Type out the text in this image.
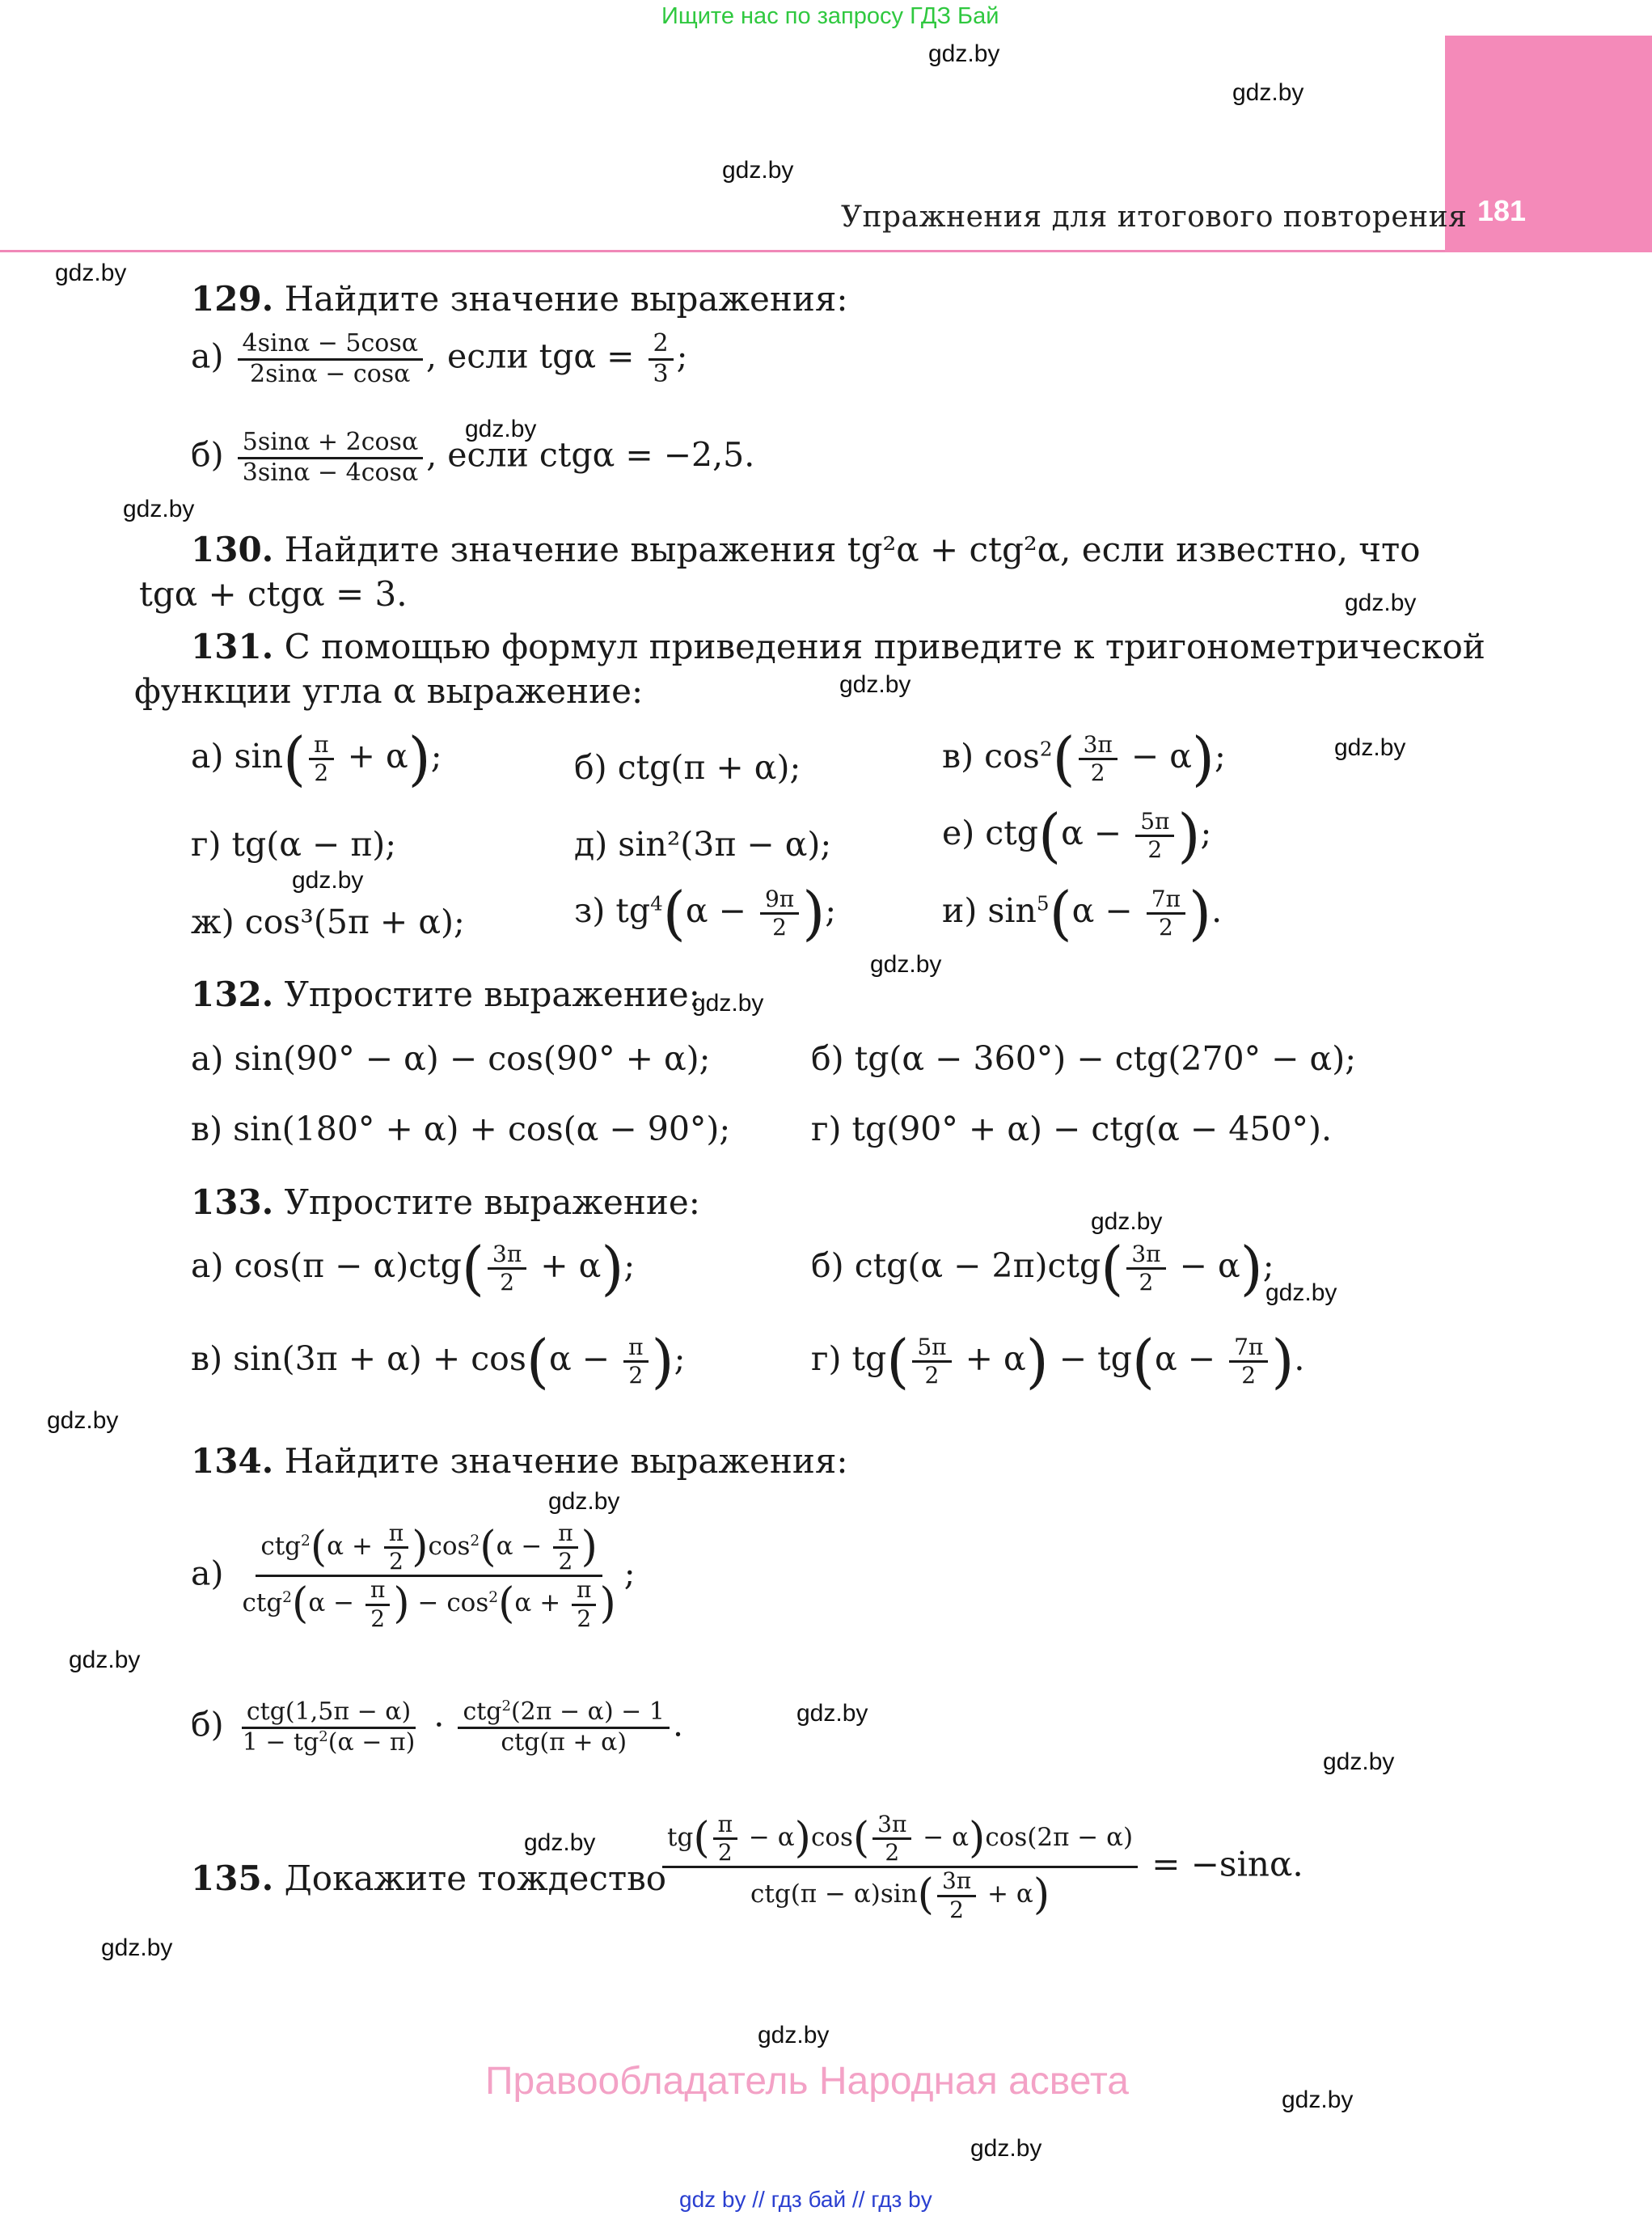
Ищите нас по запросу ГДЗ Бай
181
Упражнения для итогового повторения
gdz.by
gdz.by
gdz.by
gdz.by
gdz.by
gdz.by
gdz.by
gdz.by
gdz.by
gdz.by
gdz.by
gdz.by
gdz.by
gdz.by
gdz.by
gdz.by
gdz.by
gdz.by
gdz.by
gdz.by
gdz.by
gdz.by
gdz.by
gdz.by
129. Найдите значение выражения:
$а) \frac{4\sin\alpha - 5\cos\alpha}{2\sin\alpha - \cos\alpha}$ , если $tg\alpha = \frac{2}{3}$ ;
$б) \frac{5\sin\alpha + 2\cos\alpha}{3\sin\alpha - 4\cos\alpha}$ , если ctgα = −2,5.
130. Найдите значение выражения tg²α + ctg²α, если известно, что
tgα + ctgα = 3.
131. С помощью формул приведения приведите к тригонометрической
функции угла α выражение:
а) $\sin( \frac{\pi}{2} + \alpha)$;	б) ctg(π + α);	в) $\cos^2( \frac{3\pi}{2} - \alpha)$;
г) tg(α − π);	д) sin²(3π − α);	е) $ctg(\alpha - \frac{5\pi}{2}$ );
ж) cos³(5π + α);	з) $tg^4(\alpha - \frac{9\pi}{2}$ );	и) $\sin^5(\alpha - \frac{7\pi}{2}$ ).
132. Упростите выражение:
а) sin(90° − α) − cos(90° + α);	б) tg(α − 360°) − ctg(270° − α);
в) sin(180° + α) + cos(α − 90°); г) tg(90° + α) − ctg(α − 450°).
133. Упростите выражение:
а) $\cos(\pi - \alpha)ctg( \frac{3\pi}{2} + \alpha)$;	б) $ctg(\alpha - 2\pi)ctg( \frac{3\pi}{2} - \alpha)$;
в) $\sin(3\pi + \alpha) + \cos(\alpha - \frac{\pi}{2}$ );	г) $tg( \frac{5\pi}{2} + \alpha) - tg(\alpha - \frac{7\pi}{2}$ ).
134. Найдите значение выражения:
$а) \frac{ctg^2(\alpha + \frac{\pi}{2} )\cos^2(\alpha - \frac{\pi}{2} )}{ctg^2(\alpha - \frac{\pi}{2} ) - \cos^2(\alpha + \frac{\pi}{2} )}$ ;
$б) \frac{\text{ctg(1,5π − α)}}{1 - tg^2(\alpha - \pi)} \cdot \frac{ctg^2(2\pi - \alpha) - 1}{\text{ctg(π + α)}}$ .
135. Докажите тождество
$\frac{tg( \frac{\pi}{2} - \alpha)\cos( \frac{3\pi}{2} - \alpha)\cos(2\pi - \alpha)}{ctg(\pi - \alpha)\sin( \frac{3\pi}{2} + \alpha)} = -\sin\alpha$.
Правообладатель Народная асвета
gdz by // гдз бай // гдз by
